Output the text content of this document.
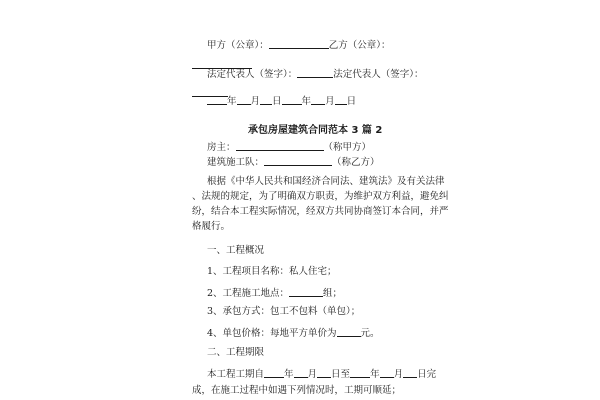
甲方（公章）：	乙方（公章）：
法定代表人（签字）：	法定代表人（签字）：
年 月 日 年 月 日
承包房屋建筑合同范本 3 篇 2
房主：	（称甲方）
建筑施工队：	（称乙方）
根据《中华人民共和国经济合同法、建筑法》及有关法律
、法规的规定，为了明确双方职责，为维护双方利益，避免纠
纷，结合本工程实际情况，经双方共同协商签订本合同，并严
格履行。
一、工程概况
1、工程项目名称：私人住宅；
2、工程施工地点：	组；
3、承包方式：包工不包料（单包）；
4、单包价格：每地平方单价为	元。
二、工程期限
本工程工期自 年 月 日至 年 月 日完
成，在施工过程中如遇下列情况时，工期可顺延；
